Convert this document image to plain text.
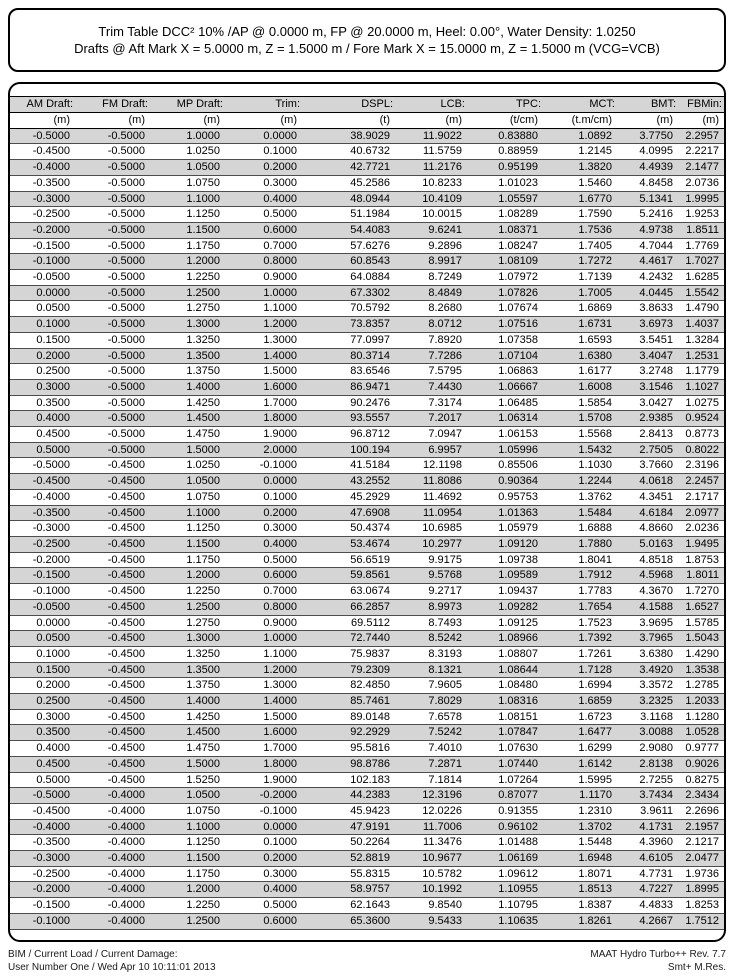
Trim Table DCC² 10% /AP @ 0.0000 m, FP @ 20.0000 m, Heel: 0.00°, Water Density: 1.0250
Drafts @ Aft Mark X = 5.0000 m, Z = 1.5000 m / Fore Mark X = 15.0000 m, Z = 1.5000 m (VCG=VCB)
AM Draft:	FM Draft:	MP Draft:	Trim:	DSPL:	LCB:	TPC:	MCT:	BMT:	FBMin:
(m)	(m)	(m)	(m)	(t)	(m)	(t/cm)	(t.m/cm)	(m)	(m)
-0.5000	-0.5000	1.0000	0.0000	38.9029	11.9022	0.83880	1.0892	3.7750	2.2957
-0.4500	-0.5000	1.0250	0.1000	40.6732	11.5759	0.88959	1.2145	4.0995	2.2217
-0.4000	-0.5000	1.0500	0.2000	42.7721	11.2176	0.95199	1.3820	4.4939	2.1477
-0.3500	-0.5000	1.0750	0.3000	45.2586	10.8233	1.01023	1.5460	4.8458	2.0736
-0.3000	-0.5000	1.1000	0.4000	48.0944	10.4109	1.05597	1.6770	5.1341	1.9995
-0.2500	-0.5000	1.1250	0.5000	51.1984	10.0015	1.08289	1.7590	5.2416	1.9253
-0.2000	-0.5000	1.1500	0.6000	54.4083	9.6241	1.08371	1.7536	4.9738	1.8511
-0.1500	-0.5000	1.1750	0.7000	57.6276	9.2896	1.08247	1.7405	4.7044	1.7769
-0.1000	-0.5000	1.2000	0.8000	60.8543	8.9917	1.08109	1.7272	4.4617	1.7027
-0.0500	-0.5000	1.2250	0.9000	64.0884	8.7249	1.07972	1.7139	4.2432	1.6285
0.0000	-0.5000	1.2500	1.0000	67.3302	8.4849	1.07826	1.7005	4.0445	1.5542
0.0500	-0.5000	1.2750	1.1000	70.5792	8.2680	1.07674	1.6869	3.8633	1.4790
0.1000	-0.5000	1.3000	1.2000	73.8357	8.0712	1.07516	1.6731	3.6973	1.4037
0.1500	-0.5000	1.3250	1.3000	77.0997	7.8920	1.07358	1.6593	3.5451	1.3284
0.2000	-0.5000	1.3500	1.4000	80.3714	7.7286	1.07104	1.6380	3.4047	1.2531
0.2500	-0.5000	1.3750	1.5000	83.6546	7.5795	1.06863	1.6177	3.2748	1.1779
0.3000	-0.5000	1.4000	1.6000	86.9471	7.4430	1.06667	1.6008	3.1546	1.1027
0.3500	-0.5000	1.4250	1.7000	90.2476	7.3174	1.06485	1.5854	3.0427	1.0275
0.4000	-0.5000	1.4500	1.8000	93.5557	7.2017	1.06314	1.5708	2.9385	0.9524
0.4500	-0.5000	1.4750	1.9000	96.8712	7.0947	1.06153	1.5568	2.8413	0.8773
0.5000	-0.5000	1.5000	2.0000	100.194	6.9957	1.05996	1.5432	2.7505	0.8022
-0.5000	-0.4500	1.0250	-0.1000	41.5184	12.1198	0.85506	1.1030	3.7660	2.3196
-0.4500	-0.4500	1.0500	0.0000	43.2552	11.8086	0.90364	1.2244	4.0618	2.2457
-0.4000	-0.4500	1.0750	0.1000	45.2929	11.4692	0.95753	1.3762	4.3451	2.1717
-0.3500	-0.4500	1.1000	0.2000	47.6908	11.0954	1.01363	1.5484	4.6184	2.0977
-0.3000	-0.4500	1.1250	0.3000	50.4374	10.6985	1.05979	1.6888	4.8660	2.0236
-0.2500	-0.4500	1.1500	0.4000	53.4674	10.2977	1.09120	1.7880	5.0163	1.9495
-0.2000	-0.4500	1.1750	0.5000	56.6519	9.9175	1.09738	1.8041	4.8518	1.8753
-0.1500	-0.4500	1.2000	0.6000	59.8561	9.5768	1.09589	1.7912	4.5968	1.8011
-0.1000	-0.4500	1.2250	0.7000	63.0674	9.2717	1.09437	1.7783	4.3670	1.7270
-0.0500	-0.4500	1.2500	0.8000	66.2857	8.9973	1.09282	1.7654	4.1588	1.6527
0.0000	-0.4500	1.2750	0.9000	69.5112	8.7493	1.09125	1.7523	3.9695	1.5785
0.0500	-0.4500	1.3000	1.0000	72.7440	8.5242	1.08966	1.7392	3.7965	1.5043
0.1000	-0.4500	1.3250	1.1000	75.9837	8.3193	1.08807	1.7261	3.6380	1.4290
0.1500	-0.4500	1.3500	1.2000	79.2309	8.1321	1.08644	1.7128	3.4920	1.3538
0.2000	-0.4500	1.3750	1.3000	82.4850	7.9605	1.08480	1.6994	3.3572	1.2785
0.2500	-0.4500	1.4000	1.4000	85.7461	7.8029	1.08316	1.6859	3.2325	1.2033
0.3000	-0.4500	1.4250	1.5000	89.0148	7.6578	1.08151	1.6723	3.1168	1.1280
0.3500	-0.4500	1.4500	1.6000	92.2929	7.5242	1.07847	1.6477	3.0088	1.0528
0.4000	-0.4500	1.4750	1.7000	95.5816	7.4010	1.07630	1.6299	2.9080	0.9777
0.4500	-0.4500	1.5000	1.8000	98.8786	7.2871	1.07440	1.6142	2.8138	0.9026
0.5000	-0.4500	1.5250	1.9000	102.183	7.1814	1.07264	1.5995	2.7255	0.8275
-0.5000	-0.4000	1.0500	-0.2000	44.2383	12.3196	0.87077	1.1170	3.7434	2.3434
-0.4500	-0.4000	1.0750	-0.1000	45.9423	12.0226	0.91355	1.2310	3.9611	2.2696
-0.4000	-0.4000	1.1000	0.0000	47.9191	11.7006	0.96102	1.3702	4.1731	2.1957
-0.3500	-0.4000	1.1250	0.1000	50.2264	11.3476	1.01488	1.5448	4.3960	2.1217
-0.3000	-0.4000	1.1500	0.2000	52.8819	10.9677	1.06169	1.6948	4.6105	2.0477
-0.2500	-0.4000	1.1750	0.3000	55.8315	10.5782	1.09612	1.8071	4.7731	1.9736
-0.2000	-0.4000	1.2000	0.4000	58.9757	10.1992	1.10955	1.8513	4.7227	1.8995
-0.1500	-0.4000	1.2250	0.5000	62.1643	9.8540	1.10795	1.8387	4.4833	1.8253
-0.1000	-0.4000	1.2500	0.6000	65.3600	9.5433	1.10635	1.8261	4.2667	1.7512
BIM / Current Load / Current Damage:
User Number One / Wed Apr 10 10:11:01 2013
MAAT Hydro Turbo++ Rev. 7.7
Smt+ M.Res.
